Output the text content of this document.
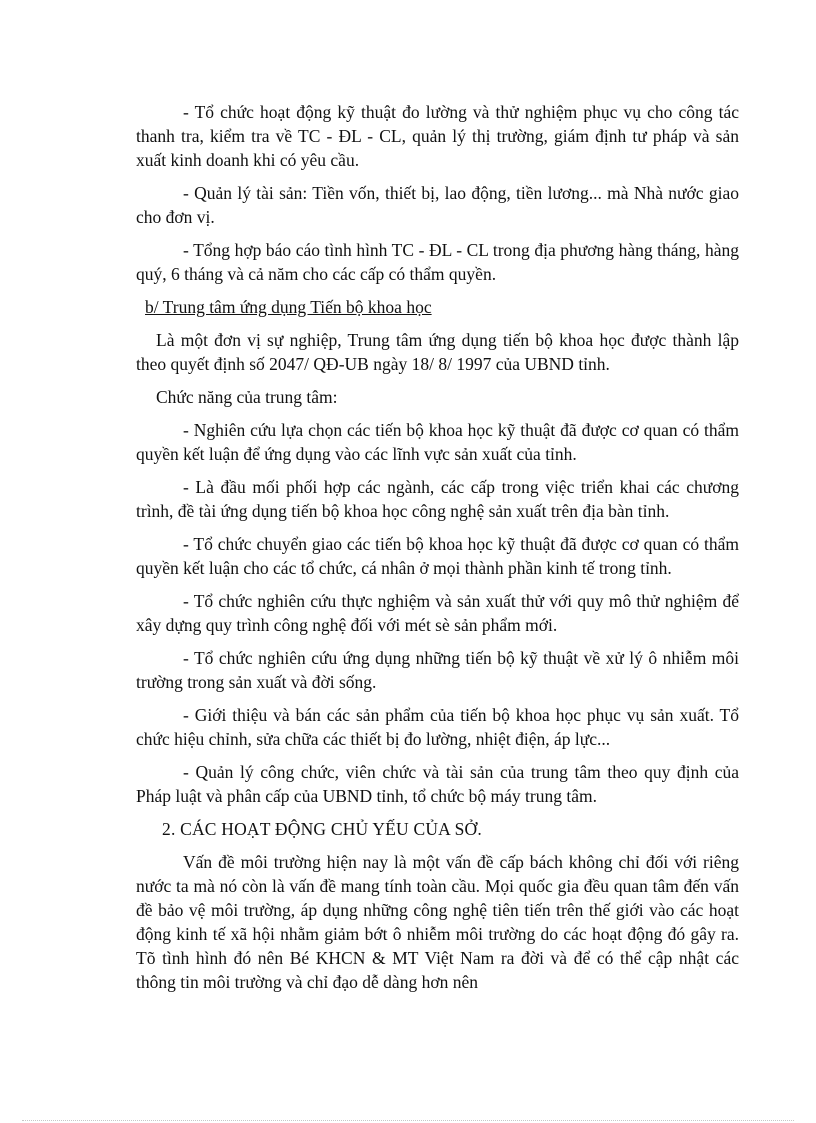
- Tổ chức hoạt động kỹ thuật đo lường và thử nghiệm phục vụ cho công tác thanh tra, kiểm tra về TC - ĐL - CL, quản lý thị trường, giám định tư pháp và sản xuất kinh doanh khi có yêu cầu.

- Quản lý tài sản: Tiền vốn, thiết bị, lao động, tiền lương... mà Nhà nước giao cho đơn vị.

- Tổng hợp báo cáo tình hình TC - ĐL - CL trong địa phương hàng tháng, hàng quý, 6 tháng và cả năm cho các cấp có thẩm quyền.

b/ Trung tâm ứng dụng Tiến bộ khoa học

Là một đơn vị sự nghiệp, Trung tâm ứng dụng tiến bộ khoa học được thành lập theo quyết định số 2047/ QĐ-UB ngày 18/ 8/ 1997 của UBND tỉnh.

Chức năng của trung tâm:

- Nghiên cứu lựa chọn các tiến bộ khoa học kỹ thuật đã được cơ quan có thẩm quyền kết luận để ứng dụng vào các lĩnh vực sản xuất của tỉnh.

- Là đầu mối phối hợp các ngành, các cấp trong việc triển khai các chương trình, đề tài ứng dụng tiến bộ khoa học công nghệ sản xuất trên địa bàn tỉnh.

- Tổ chức chuyển giao các tiến bộ khoa học kỹ thuật đã được cơ quan có thẩm quyền kết luận cho các tổ chức, cá nhân ở mọi thành phần kinh tế trong tỉnh.

- Tổ chức nghiên cứu thực nghiệm và sản xuất thử với quy mô thử nghiệm để xây dựng quy trình công nghệ đối với mét sè sản phẩm mới.

- Tổ chức nghiên cứu ứng dụng những tiến bộ kỹ thuật về xử lý ô nhiễm môi trường trong sản xuất và đời sống.

- Giới thiệu và bán các sản phẩm của tiến bộ khoa học phục vụ sản xuất. Tổ chức hiệu chỉnh, sửa chữa các thiết bị đo lường, nhiệt điện, áp lực...

- Quản lý công chức, viên chức và tài sản của trung tâm theo quy định của Pháp luật và phân cấp của UBND tỉnh, tổ chức bộ máy trung tâm.

2. CÁC HOẠT ĐỘNG CHỦ YẾU CỦA SỞ.

Vấn đề môi trường hiện nay là một vấn đề cấp bách không chỉ đối với riêng nước ta mà nó còn là vấn đề mang tính toàn cầu. Mọi quốc gia đều quan tâm đến vấn đề bảo vệ môi trường, áp dụng những công nghệ tiên tiến trên thế giới vào các hoạt động kinh tế xã hội nhằm giảm bớt ô nhiễm môi trường do các hoạt động đó gây ra. Tõ tình hình đó nên Bé KHCN & MT Việt Nam ra đời và để có thể cập nhật các thông tin môi trường và chỉ đạo dễ dàng hơn nên
